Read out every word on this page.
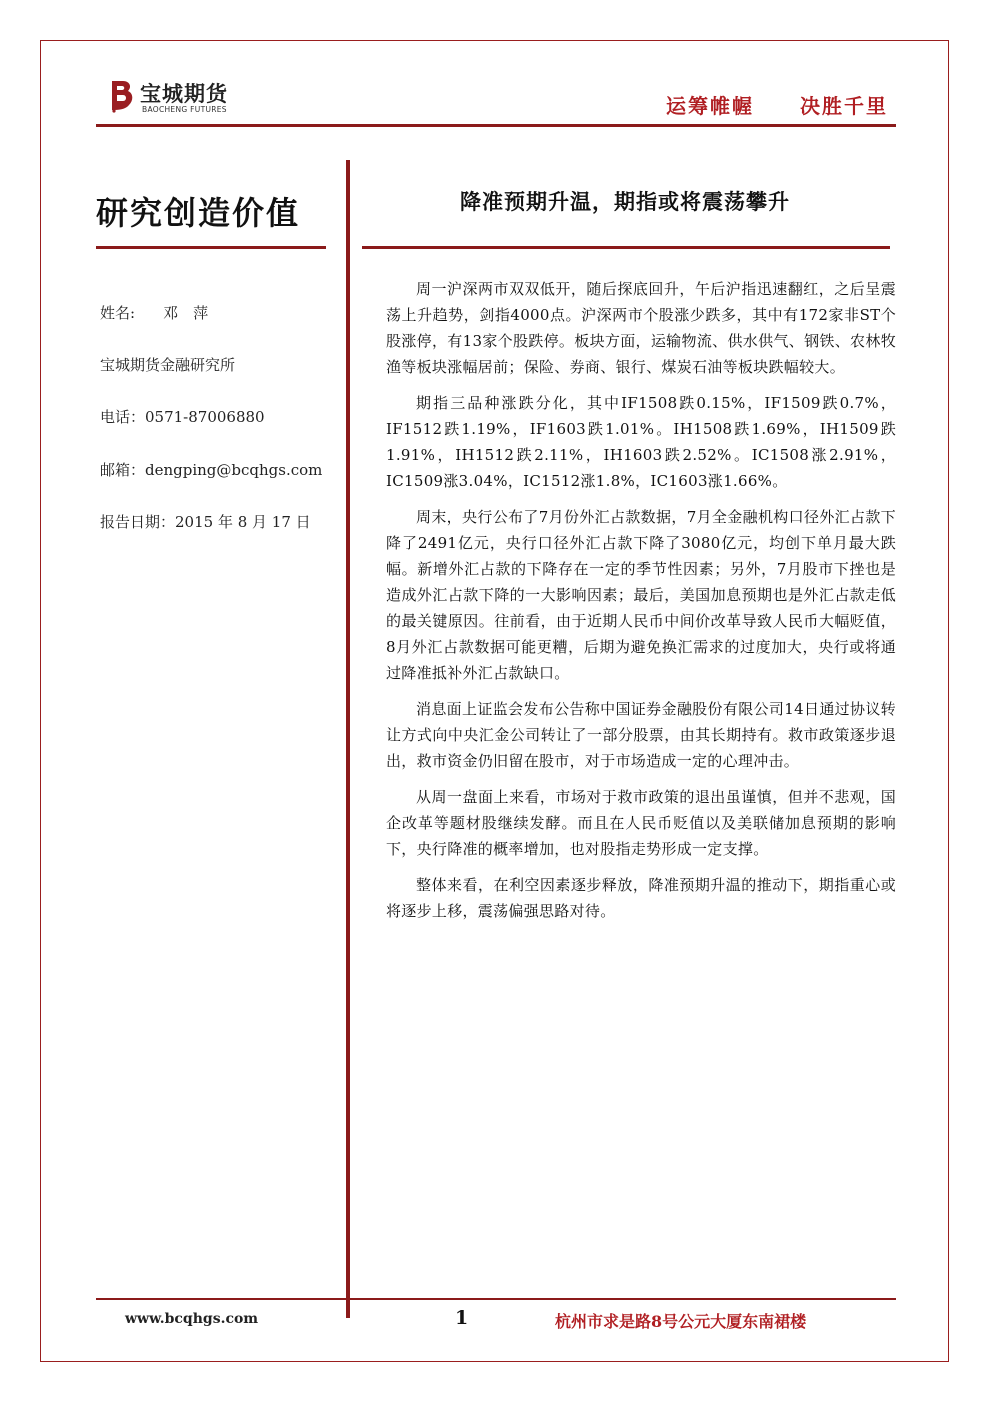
宝城期货
BAOCHENG FUTURES	运筹帷幄 决胜千里
研究创造价值
姓名: 邓　萍
宝城期货金融研究所
电话：0571-87006880
邮箱：dengping@bcqhgs.com
报告日期：2015 年 8 月 17 日
降准预期升温，期指或将震荡攀升

周一沪深两市双双低开，随后探底回升，午后沪指迅速翻红，之后呈震荡上升趋势，剑指4000点。沪深两市个股涨少跌多，其中有172家非ST个股涨停，有13家个股跌停。板块方面，运输物流、供水供气、钢铁、农林牧渔等板块涨幅居前；保险、券商、银行、煤炭石油等板块跌幅较大。

期指三品种涨跌分化，其中IF1508跌0.15%，IF1509跌0.7%，IF1512跌1.19%，IF1603跌1.01%。IH1508跌1.69%，IH1509跌1.91%，IH1512跌2.11%，IH1603跌2.52%。IC1508涨2.91%，IC1509涨3.04%，IC1512涨1.8%，IC1603涨1.66%。

周末，央行公布了7月份外汇占款数据，7月全金融机构口径外汇占款下降了2491亿元，央行口径外汇占款下降了3080亿元，均创下单月最大跌幅。新增外汇占款的下降存在一定的季节性因素；另外，7月股市下挫也是造成外汇占款下降的一大影响因素；最后，美国加息预期也是外汇占款走低的最关键原因。往前看，由于近期人民币中间价改革导致人民币大幅贬值，8月外汇占款数据可能更糟，后期为避免换汇需求的过度加大，央行或将通过降准抵补外汇占款缺口。

消息面上证监会发布公告称中国证券金融股份有限公司14日通过协议转让方式向中央汇金公司转让了一部分股票，由其长期持有。救市政策逐步退出，救市资金仍旧留在股市，对于市场造成一定的心理冲击。

从周一盘面上来看，市场对于救市政策的退出虽谨慎，但并不悲观，国企改革等题材股继续发酵。而且在人民币贬值以及美联储加息预期的影响下，央行降准的概率增加，也对股指走势形成一定支撑。

整体来看，在利空因素逐步释放，降准预期升温的推动下，期指重心或将逐步上移，震荡偏强思路对待。

www.bcqhgs.com	1	杭州市求是路8号公元大厦东南裙楼
